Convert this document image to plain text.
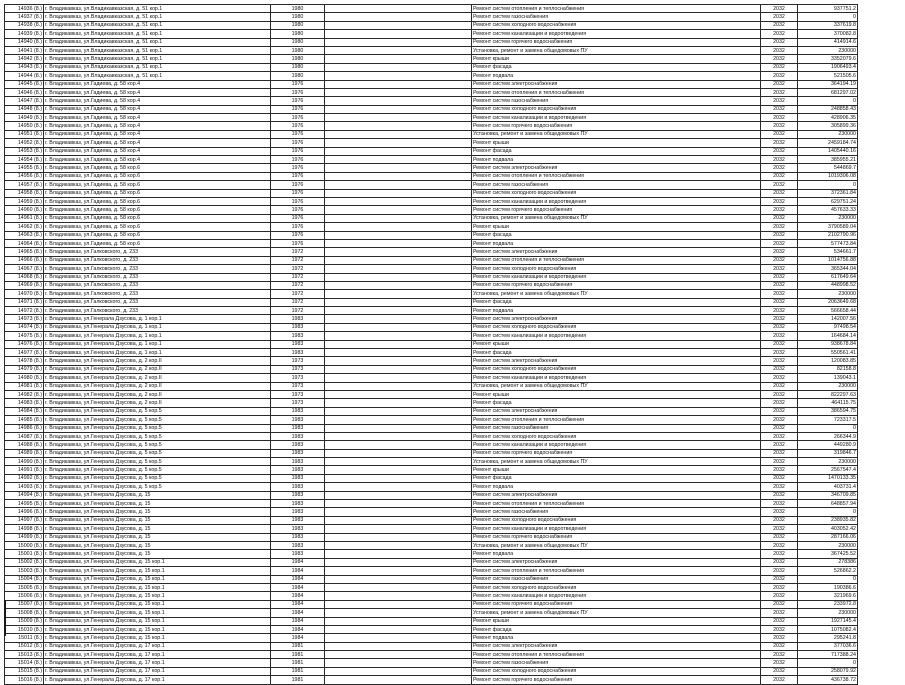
14936 (8.)	г. Владикавказ, ул.Владикавказская, д. 51 кор.1	1980		Ремонт систем отопления и теплоснабжения	2032	937751.2
14937 (8.)	г. Владикавказ, ул.Владикавказская, д. 51 кор.1	1980		Ремонт систем газоснабжения	2032	0
14938 (8.)	г. Владикавказ, ул.Владикавказская, д. 51 кор.1	1980		Ремонт систем холодного водоснабжения	2032	337619.8
14939 (8.)	г. Владикавказ, ул.Владикавказская, д. 51 кор.1	1980		Ремонт систем канализации и водоотведения	2032	370082.8
14940 (8.)	г. Владикавказ, ул.Владикавказская, д. 51 кор.1	1980		Ремонт систем горячего водоснабжения	2032	414914.6
14941 (8.)	г. Владикавказ, ул.Владикавказская, д. 51 кор.1	1980		Установка, ремонт и замена общедомовых ПУ	2032	230000
14942 (8.)	г. Владикавказ, ул.Владикавказская, д. 51 кор.1	1980		Ремонт крыши	2032	3352079.6
14943 (8.)	г. Владикавказ, ул.Владикавказская, д. 51 кор.1	1980		Ремонт фасада	2032	1906493.4
14944 (8.)	г. Владикавказ, ул.Владикавказская, д. 51 кор.1	1980		Ремонт подвала	2032	521505.6
14945 (8.)	г. Владикавказ, ул.Гадиева, д. 58 кор.4	1976		Ремонт систем электроснабжения	2032	364194.19
14946 (8.)	г. Владикавказ, ул.Гадиева, д. 58 кор.4	1976		Ремонт систем отопления и теплоснабжения	2032	681297.02
14947 (8.)	г. Владикавказ, ул.Гадиева, д. 58 кор.4	1976		Ремонт систем газоснабжения	2032	0
14948 (8.)	г. Владикавказ, ул.Гадиева, д. 58 кор.4	1976		Ремонт систем холодного водоснабжения	2032	248858.43
14949 (8.)	г. Владикавказ, ул.Гадиева, д. 58 кор.4	1976		Ремонт систем канализации и водоотведения	2032	428906.35
14950 (8.)	г. Владикавказ, ул.Гадиева, д. 58 кор.4	1976		Ремонт систем горячего водоснабжения	2032	305899.36
14951 (8.)	г. Владикавказ, ул.Гадиева, д. 58 кор.4	1976		Установка, ремонт и замена общедомовых ПУ	2032	230000
14952 (8.)	г. Владикавказ, ул.Гадиева, д. 58 кор.4	1976		Ремонт крыши	2032	2459184.74
14953 (8.)	г. Владикавказ, ул.Гадиева, д. 58 кор.4	1976		Ремонт фасада	2032	1405440.16
14954 (8.)	г. Владикавказ, ул.Гадиева, д. 58 кор.4	1976		Ремонт подвала	2032	385955.21
14955 (8.)	г. Владикавказ, ул.Гадиева, д. 58 кор.6	1976		Ремонт систем электроснабжения	2032	544869.7
14956 (8.)	г. Владикавказ, ул.Гадиева, д. 58 кор.6	1976		Ремонт систем отопления и теплоснабжения	2032	1019306.08
14957 (8.)	г. Владикавказ, ул.Гадиева, д. 58 кор.6	1976		Ремонт систем газоснабжения	2032	0
14958 (8.)	г. Владикавказ, ул.Гадиева, д. 58 кор.6	1976		Ремонт систем холодного водоснабжения	2032	372361.84
14959 (8.)	г. Владикавказ, ул.Гадиева, д. 58 кор.6	1976		Ремонт систем канализации и водоотведения	2032	629751.24
14960 (8.)	г. Владикавказ, ул.Гадиева, д. 58 кор.6	1976		Ремонт систем горячего водоснабжения	2032	457633.33
14961 (8.)	г. Владикавказ, ул.Гадиева, д. 58 кор.6	1976		Установка, ремонт и замена общедомовых ПУ	2032	230000
14962 (8.)	г. Владикавказ, ул.Гадиева, д. 58 кор.6	1976		Ремонт крыши	2032	3790589.04
14963 (8.)	г. Владикавказ, ул.Гадиева, д. 58 кор.6	1976		Ремонт фасада	2032	2102790.96
14964 (8.)	г. Владикавказ, ул.Гадиева, д. 58 кор.6	1976		Ремонт подвала	2032	577473.84
14965 (8.)	г. Владикавказ, ул.Галковского, д. 233	1972		Ремонт систем электроснабжения	2032	534661.7
14966 (8.)	г. Владикавказ, ул.Галковского, д. 233	1972		Ремонт систем отопления и теплоснабжения	2032	1014756.88
14967 (8.)	г. Владикавказ, ул.Галковского, д. 233	1972		Ремонт систем холодного водоснабжения	2032	365344.04
14968 (8.)	г. Владикавказ, ул.Галковского, д. 233	1972		Ремонт систем канализации и водоотведения	2032	617649.64
14969 (8.)	г. Владикавказ, ул.Галковского, д. 233	1972		Ремонт систем горячего водоснабжения	2032	448998.52
14970 (8.)	г. Владикавказ, ул.Галковского, д. 233	1972		Установка, ремонт и замена общедомовых ПУ	2032	230000
14971 (8.)	г. Владикавказ, ул.Галковского, д. 233	1972		Ремонт фасада	2032	2063649.68
14972 (8.)	г. Владикавказ, ул.Галковского, д. 233	1972		Ремонт подвала	2032	566658.44
14973 (8.)	г. Владикавказ, ул.Генерала Дзусова, д. 1 кор.1	1983		Ремонт систем электроснабжения	2032	142007.56
14974 (8.)	г. Владикавказ, ул.Генерала Дзусова, д. 1 кор.1	1983		Ремонт систем холодного водоснабжения	2032	97498.54
14975 (8.)	г. Владикавказ, ул.Генерала Дзусова, д. 1 кор.1	1983		Ремонт систем канализации и водоотведения	2032	164684.14
14976 (8.)	г. Владикавказ, ул.Генерала Дзусова, д. 1 кор.1	1983		Ремонт крыши	2032	938678.84
14977 (8.)	г. Владикавказ, ул.Генерала Дзусова, д. 1 кор.1	1983		Ремонт фасада	2032	550561.41
14978 (8.)	г. Владикавказ, ул.Генерала Дзусова, д. 2 кор.II	1973		Ремонт систем электроснабжения	2032	120083.85
14979 (8.)	г. Владикавказ, ул.Генерала Дзусова, д. 2 кор.II	1973		Ремонт систем холодного водоснабжения	2032	82158.8
14980 (8.)	г. Владикавказ, ул.Генерала Дзусова, д. 2 кор.II	1973		Ремонт систем канализации и водоотведения	2032	139043.1
14981 (8.)	г. Владикавказ, ул.Генерала Дзусова, д. 2 кор.II	1973		Установка, ремонт и замена общедомовых ПУ	2032	230000
14982 (8.)	г. Владикавказ, ул.Генерала Дзусова, д. 2 кор.II	1973		Ремонт крыши	2032	822297.63
14983 (8.)	г. Владикавказ, ул.Генерала Дзусова, д. 2 кор.II	1973		Ремонт фасада	2032	464115.75
14984 (8.)	г. Владикавказ, ул.Генерала Дзусова, д. 5 кор.5	1983		Ремонт систем электроснабжения	2032	386594.75
14985 (8.)	г. Владикавказ, ул.Генерала Дзусова, д. 5 кор.5	1983		Ремонт систем отопления и теплоснабжения	2032	723317.5
14986 (8.)	г. Владикавказ, ул.Генерала Дзусова, д. 5 кор.5	1983		Ремонт систем газоснабжения	2032	0
14987 (8.)	г. Владикавказ, ул.Генерала Дзусова, д. 5 кор.5	1983		Ремонт систем холодного водоснабжения	2032	266344.9
14988 (8.)	г. Владикавказ, ул.Генерала Дзусова, д. 5 кор.5	1983		Ремонт систем канализации и водоотведения	2032	449280.9
14989 (8.)	г. Владикавказ, ул.Генерала Дзусова, д. 5 кор.5	1983		Ремонт систем горячего водоснабжения	2032	319846.7
14990 (8.)	г. Владикавказ, ул.Генерала Дзусова, д. 5 кор.5	1983		Установка, ремонт и замена общедомовых ПУ	2032	230000
14991 (8.)	г. Владикавказ, ул.Генерала Дзусова, д. 5 кор.5	1983		Ремонт крыши	2032	2567547.4
14992 (8.)	г. Владикавказ, ул.Генерала Дзусова, д. 5 кор.5	1983		Ремонт фасада	2032	1470133.35
14993 (8.)	г. Владикавказ, ул.Генерала Дзусова, д. 5 кор.5	1983		Ремонт подвала	2032	403731.4
14994 (8.)	г. Владикавказ, ул.Генерала Дзусова, д. 15	1983		Ремонт систем электроснабжения	2032	346709.85
14995 (8.)	г. Владикавказ, ул.Генерала Дзусова, д. 15	1983		Ремонт систем отопления и теплоснабжения	2032	648857.94
14996 (8.)	г. Владикавказ, ул.Генерала Дзусова, д. 15	1983		Ремонт систем газоснабжения	2032	0
14997 (8.)	г. Владикавказ, ул.Генерала Дзусова, д. 15	1983		Ремонт систем холодного водоснабжения	2032	238935.82
14998 (8.)	г. Владикавказ, ул.Генерала Дзусова, д. 15	1983		Ремонт систем канализации и водоотведения	2032	403052.42
14999 (8.)	г. Владикавказ, ул.Генерала Дзусова, д. 15	1983		Ремонт систем горячего водоснабжения	2032	287166.06
15000 (8.)	г. Владикавказ, ул.Генерала Дзусова, д. 15	1983		Установка, ремонт и замена общедомовых ПУ	2032	230000
15001 (8.)	г. Владикавказ, ул.Генерала Дзусова, д. 15	1983		Ремонт подвала	2032	367425.52
15002 (8.)	г. Владикавказ, ул.Генерала Дзусова, д. 15 кор.1	1984		Ремонт систем электроснабжения	2032	278386
15003 (8.)	г. Владикавказ, ул.Генерала Дзусова, д. 15 кор.1	1984		Ремонт систем отопления и теплоснабжения	2032	526862.2
15004 (8.)	г. Владикавказ, ул.Генерала Дзусова, д. 15 кор.1	1984		Ремонт систем газоснабжения	2032	0
15005 (8.)	г. Владикавказ, ул.Генерала Дзусова, д. 15 кор.1	1984		Ремонт систем холодного водоснабжения	2032	190386.6
15006 (8.)	г. Владикавказ, ул.Генерала Дзусова, д. 15 кор.1	1984		Ремонт систем канализации и водоотведения	2032	321969.6
15007 (8.)	г. Владикавказ, ул.Генерала Дзусова, д. 15 кор.1	1984		Ремонт систем горячего водоснабжения	2032	233972.8
15008 (8.)	г. Владикавказ, ул.Генерала Дзусова, д. 15 кор.1	1984		Установка, ремонт и замена общедомовых ПУ	2032	230000
15009 (8.)	г. Владикавказ, ул.Генерала Дзусова, д. 15 кор.1	1984		Ремонт крыши	2032	1927145.4
15010 (8.)	г. Владикавказ, ул.Генерала Дзусова, д. 15 кор.1	1984		Ремонт фасада	2032	1075082.4
15011 (8.)	г. Владикавказ, ул.Генерала Дзусова, д. 15 кор.1	1984		Ремонт подвала	2032	295241.8
15012 (8.)	г. Владикавказ, ул.Генерала Дзусова, д. 17 кор.1	1981		Ремонт систем электроснабжения	2032	377036.6
15013 (8.)	г. Владикавказ, ул.Генерала Дзусова, д. 17 кор.1	1981		Ремонт систем отопления и теплоснабжения	2032	717388.24
15014 (8.)	г. Владикавказ, ул.Генерала Дзусова, д. 17 кор.1	1981		Ремонт систем газоснабжения	2032	0
15015 (8.)	г. Владикавказ, ул.Генерала Дзусова, д. 17 кор.1	1981		Ремонт систем холодного водоснабжения	2032	258079.92
15016 (8.)	г. Владикавказ, ул.Генерала Дзусова, д. 17 кор.1	1981		Ремонт систем горячего водоснабжения	2032	436738.72
